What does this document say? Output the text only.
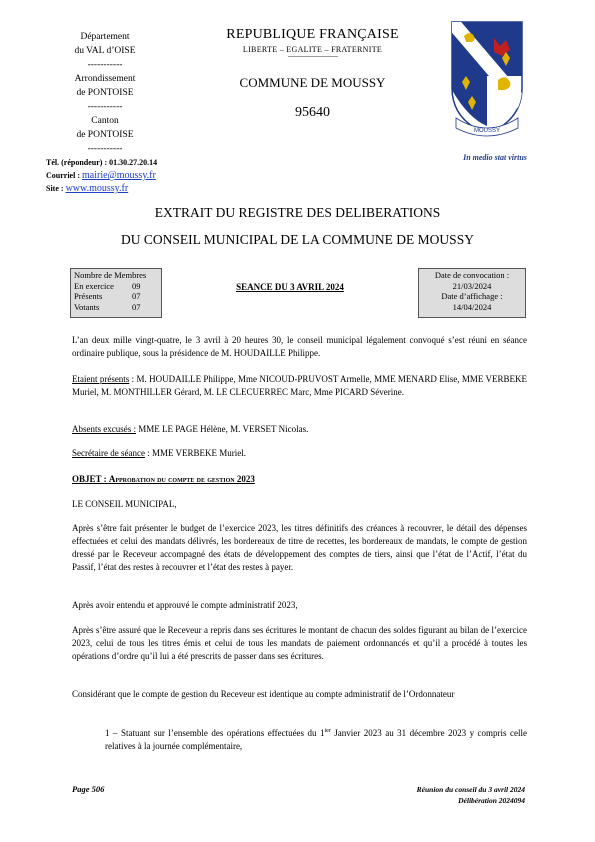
Département
du VAL d’OISE
-----------
Arrondissement
de PONTOISE
-----------
Canton
de PONTOISE
-----------
REPUBLIQUE FRANÇAISE
LIBERTE – EGALITE – FRATERNITE
COMMUNE DE MOUSSY
95640
MOUSSY
In medio stat virtus
Tél. (répondeur) : 01.30.27.20.14
Courriel : mairie@moussy.fr
Site : www.moussy.fr
EXTRAIT DU REGISTRE DES DELIBERATIONS
DU CONSEIL MUNICIPAL DE LA COMMUNE DE MOUSSY
Nombre de Membres
En exercice	09
Présents	07
Votants	07
SEANCE DU 3 AVRIL 2024
Date de convocation :
21/03/2024
Date d’affichage :
14/04/2024
L’an deux mille vingt-quatre, le 3 avril à 20 heures 30, le conseil municipal légalement convoqué s’est réuni en séance ordinaire publique, sous la présidence de M. HOUDAILLE Philippe.
Etaient présents : M. HOUDAILLE Philippe, Mme NICOUD-PRUVOST Armelle, MME MENARD Elise, MME VERBEKE Muriel, M. MONTHILLER Gérard, M. LE CLECUERREC Marc, Mme PICARD Séverine.
Absents excusés : MME LE PAGE Hélène, M. VERSET Nicolas.
Secrétaire de séance : MME VERBEKE Muriel.
OBJET : Approbation du compte de gestion 2023
LE CONSEIL MUNICIPAL,
Après s’être fait présenter le budget de l’exercice 2023, les titres définitifs des créances à recouvrer, le détail des dépenses effectuées et celui des mandats délivrés, les bordereaux de titre de recettes, les bordereaux de mandats, le compte de gestion dressé par le Receveur accompagné des états de développement des comptes de tiers, ainsi que l’état de l’Actif, l’état du Passif, l’état des restes à recouvrer et l’état des restes à payer.
Après avoir entendu et approuvé le compte administratif 2023,
Après s’être assuré que le Receveur a repris dans ses écritures le montant de chacun des soldes figurant au bilan de l’exercice 2023, celui de tous les titres émis et celui de tous les mandats de paiement ordonnancés et qu’il a procédé à toutes les opérations d’ordre qu’il lui a été prescrits de passer dans ses écritures.
Considérant que le compte de gestion du Receveur est identique au compte administratif de l’Ordonnateur
1 – Statuant sur l’ensemble des opérations effectuées du $1^{ier}$ Janvier 2023 au 31 décembre 2023 y compris celle relatives à la journée complémentaire,
Page 506	Réunion du conseil du 3 avril 2024
Délibération 2024094
